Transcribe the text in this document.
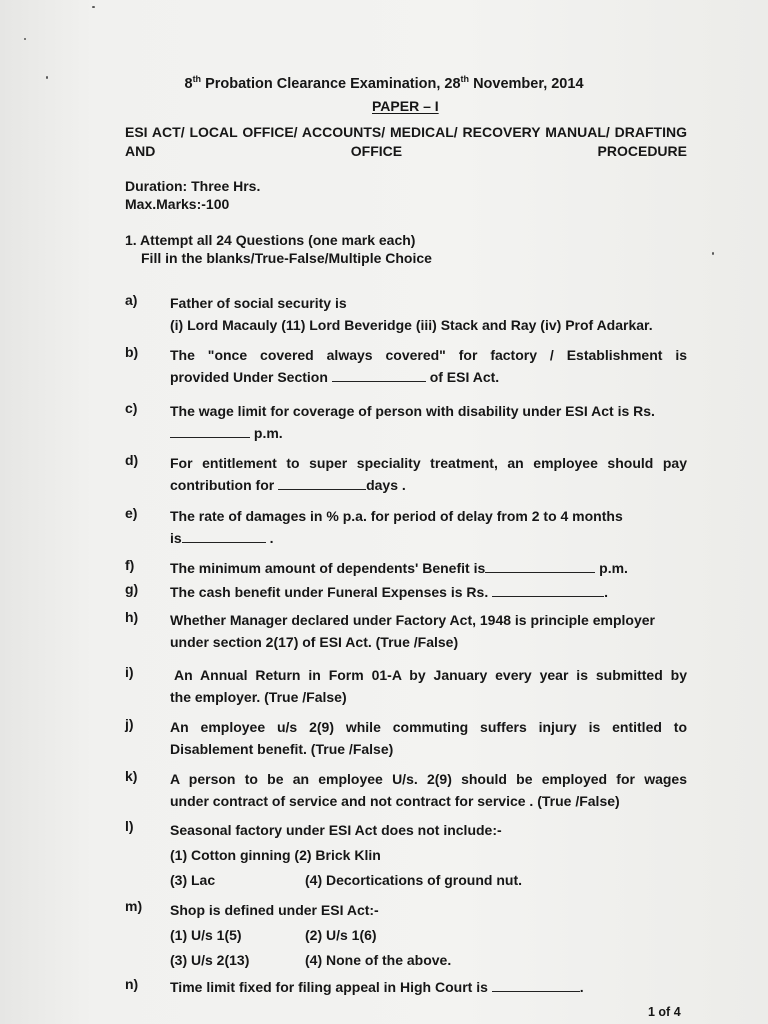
8th Probation Clearance Examination, 28th November, 2014
PAPER – I
ESI ACT/ LOCAL OFFICE/ ACCOUNTS/ MEDICAL/ RECOVERY MANUAL/ DRAFTING AND OFFICE PROCEDURE
Duration: Three Hrs.
Max.Marks:-100
1. Attempt all 24 Questions (one mark each)
Fill in the blanks/True-False/Multiple Choice
a) Father of social security is
(i) Lord Macauly (11) Lord Beveridge (iii) Stack and Ray (iv) Prof Adarkar.
b) The "once covered always covered" for factory / Establishment is
provided Under Section	of ESI Act.
c) The wage limit for coverage of person with disability under ESI Act is Rs.
p.m.
d) For entitlement to super speciality treatment, an employee should pay
contribution for	days .
e) The rate of damages in % p.a. for period of delay from 2 to 4 months
is	.
f)	The minimum amount of dependents' Benefit is	p.m.
g) The cash benefit under Funeral Expenses is Rs.	.
h) Whether Manager declared under Factory Act, 1948 is principle employer
under section 2(17) of ESI Act. (True /False)
i)	An Annual Return in Form 01-A by January every year is submitted by
the employer. (True /False)
j)	An employee u/s 2(9) while commuting suffers injury is entitled to
Disablement benefit. (True /False)
k) A person to be an employee U/s. 2(9) should be employed for wages
under contract of service and not contract for service . (True /False)
l)	Seasonal factory under ESI Act does not include:-
(1) Cotton ginning
(2) Brick Klin
(3) Lac	(4) Decortications of ground nut.
m) Shop is defined under ESI Act:-
(1) U/s 1(5)	(2) U/s 1(6)
(3) U/s 2(13)	(4) None of the above.
n) Time limit fixed for filing appeal in High Court is	.
1 of 4
